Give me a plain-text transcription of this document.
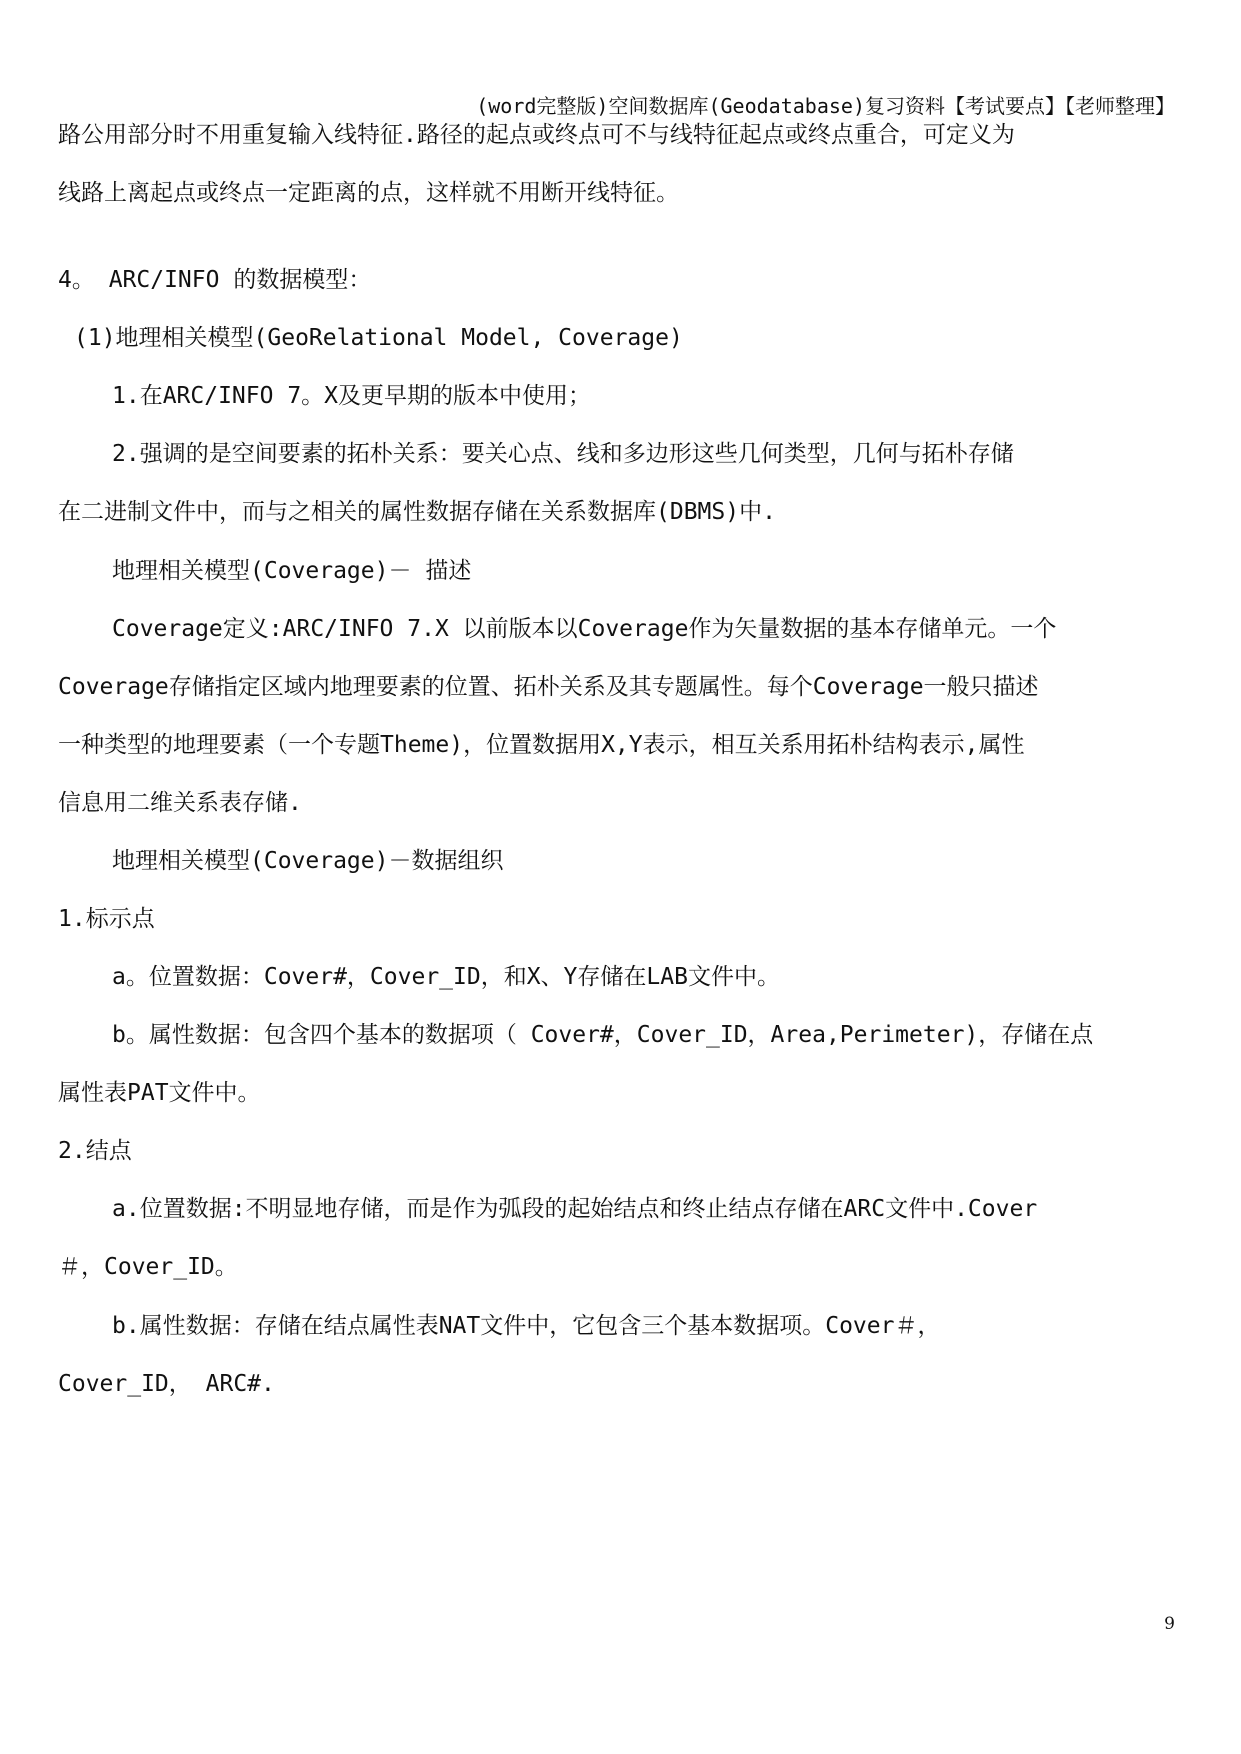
(word完整版)空间数据库(Geodatabase)复习资料【考试要点】【老师整理】
路公用部分时不用重复输入线特征.路径的起点或终点可不与线特征起点或终点重合，可定义为
线路上离起点或终点一定距离的点，这样就不用断开线特征。
4。 ARC/INFO 的数据模型：
(1)地理相关模型(GeoRelational Model, Coverage)
1.在ARC/INFO 7。X及更早期的版本中使用；
2.强调的是空间要素的拓朴关系：要关心点、线和多边形这些几何类型，几何与拓朴存储
在二进制文件中，而与之相关的属性数据存储在关系数据库(DBMS)中.
地理相关模型(Coverage)－ 描述
Coverage定义:ARC/INFO 7.X 以前版本以Coverage作为矢量数据的基本存储单元。一个
Coverage存储指定区域内地理要素的位置、拓朴关系及其专题属性。每个Coverage一般只描述
一种类型的地理要素（一个专题Theme)，位置数据用X,Y表示，相互关系用拓朴结构表示,属性
信息用二维关系表存储.
地理相关模型(Coverage)－数据组织
1.标示点
a。位置数据：Cover#，Cover_ID，和X、Y存储在LAB文件中。
b。属性数据：包含四个基本的数据项（ Cover#，Cover_ID，Area,Perimeter)，存储在点
属性表PAT文件中。
2.结点
a.位置数据:不明显地存储，而是作为弧段的起始结点和终止结点存储在ARC文件中.Cover
＃，Cover_ID。
b.属性数据：存储在结点属性表NAT文件中，它包含三个基本数据项。Cover＃，
Cover_ID， ARC#.
9
